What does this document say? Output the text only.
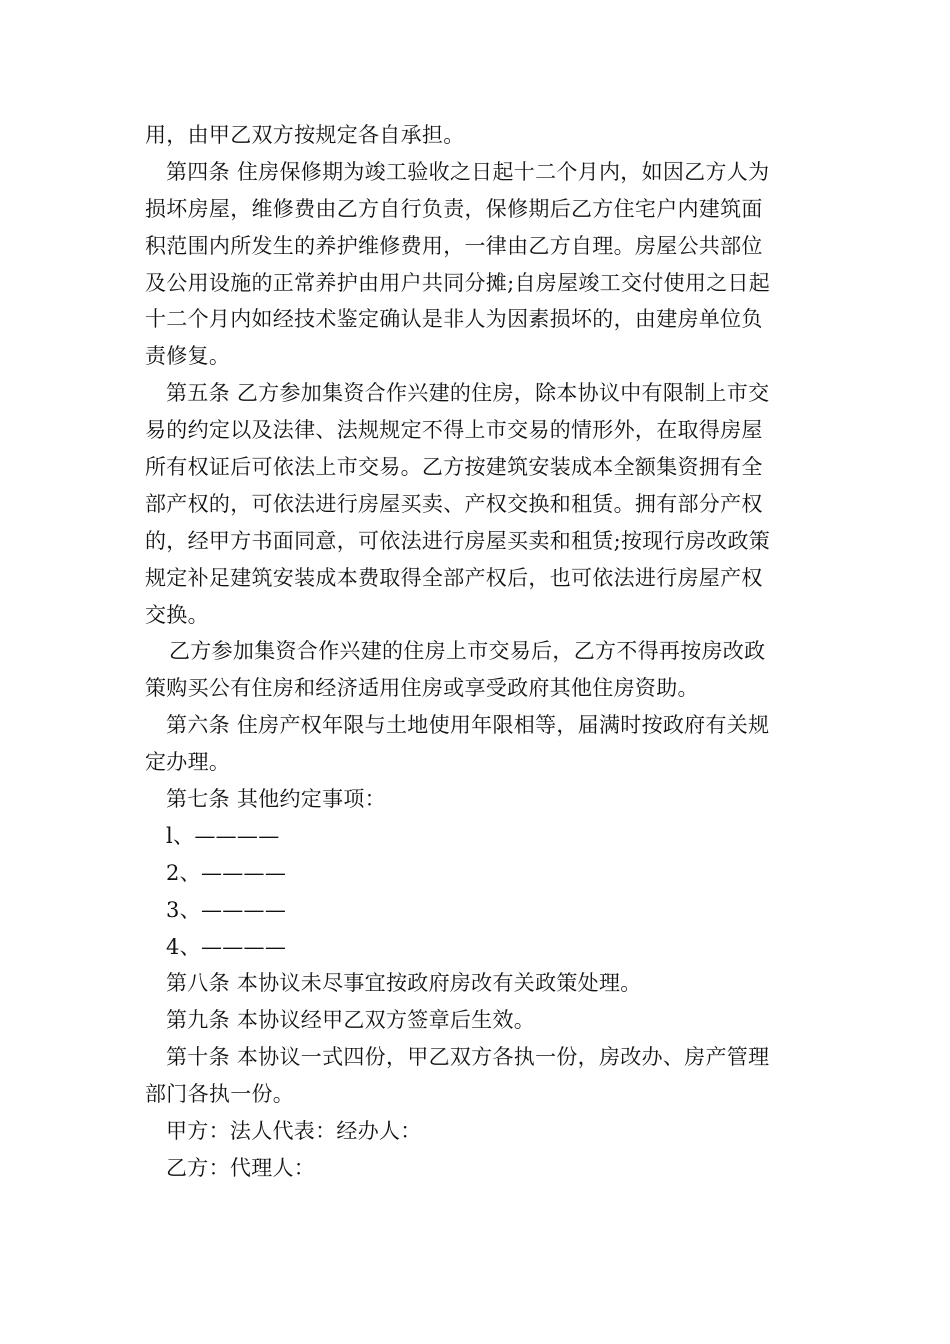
用，由甲乙双方按规定各自承担。
第四条 住房保修期为竣工验收之日起十二个月内，如因乙方人为
损坏房屋，维修费由乙方自行负责，保修期后乙方住宅户内建筑面
积范围内所发生的养护维修费用，一律由乙方自理。房屋公共部位
及公用设施的正常养护由用户共同分摊;自房屋竣工交付使用之日起
十二个月内如经技术鉴定确认是非人为因素损坏的，由建房单位负
责修复。
第五条 乙方参加集资合作兴建的住房，除本协议中有限制上市交
易的约定以及法律、法规规定不得上市交易的情形外，在取得房屋
所有权证后可依法上市交易。乙方按建筑安装成本全额集资拥有全
部产权的，可依法进行房屋买卖、产权交换和租赁。拥有部分产权
的，经甲方书面同意，可依法进行房屋买卖和租赁;按现行房改政策
规定补足建筑安装成本费取得全部产权后，也可依法进行房屋产权
交换。
乙方参加集资合作兴建的住房上市交易后，乙方不得再按房改政
策购买公有住房和经济适用住房或享受政府其他住房资助。
第六条 住房产权年限与土地使用年限相等，届满时按政府有关规
定办理。
第七条 其他约定事项：
l、————
2、————
3、————
4、————
第八条 本协议未尽事宜按政府房改有关政策处理。
第九条 本协议经甲乙双方签章后生效。
第十条 本协议一式四份，甲乙双方各执一份，房改办、房产管理
部门各执一份。
甲方：法人代表：经办人：
乙方：代理人：
